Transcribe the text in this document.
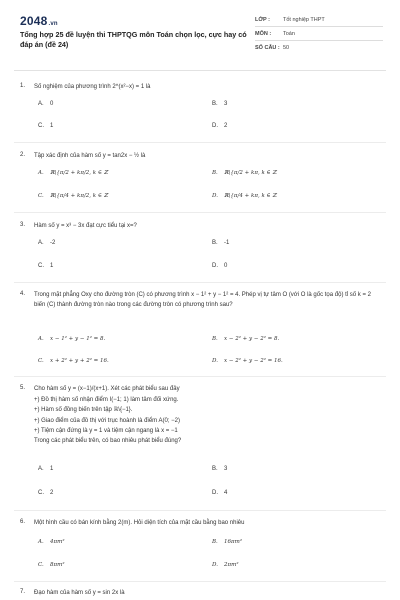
2048.vn
Tổng hợp 25 đề luyện thi THPTQG môn Toán chọn lọc, cực hay có đáp án (đề 24)
LỚP : Tốt nghiệp THPT
MÔN : Toán
SỐ CÂU : 50
1. Số nghiệm của phương trình 2^(x²−x) = 1 là
A. 0	B. 3
C. 1	D. 2
2. Tập xác định của hàm số y = tan2x − ½ là
A. ℝ\{π/2 + kπ/2, k ∈ ℤ	B. ℝ\{π/2 + kπ, k ∈ ℤ
C. ℝ\{π/4 + kπ/2, k ∈ ℤ	D. ℝ\{π/4 + kπ, k ∈ ℤ
3. Hàm số y = x³ − 3x đạt cực tiểu tại x=?
A. -2	B. -1
C. 1	D. 0
4. Trong mặt phẳng Oxy cho đường tròn (C) có phương trình x − 1² + y − 1² = 4. Phép vị tự tâm O (với O là gốc tọa độ) tỉ số k = 2 biến (C) thành đường tròn nào trong các đường tròn có phương trình sau?
A. x − 1² + y − 1² = 8.	B. x − 2² + y − 2² = 8.
C. x + 2² + y + 2² = 16.	D. x − 2² + y − 2² = 16.
5. Cho hàm số y = (x−1)/(x+1). Xét các phát biểu sau đây
+) Đồ thị hàm số nhận điểm I(−1; 1) làm tâm đối xứng.
+) Hàm số đồng biến trên tập ℝ\{−1}.
+) Giao điểm của đồ thị với trục hoành là điểm A(0; −2)
+) Tiệm cận đứng là y = 1 và tiệm cận ngang là x = −1
Trong các phát biểu trên, có bao nhiêu phát biểu đúng?
A. 1	B. 3
C. 2	D. 4
6. Một hình cầu có bán kính bằng 2(m). Hỏi diện tích của mặt cầu bằng bao nhiêu
A. 4πm²	B. 16πm²
C. 8πm²	D. 2πm²
7. Đạo hàm của hàm số y = sin 2x là
